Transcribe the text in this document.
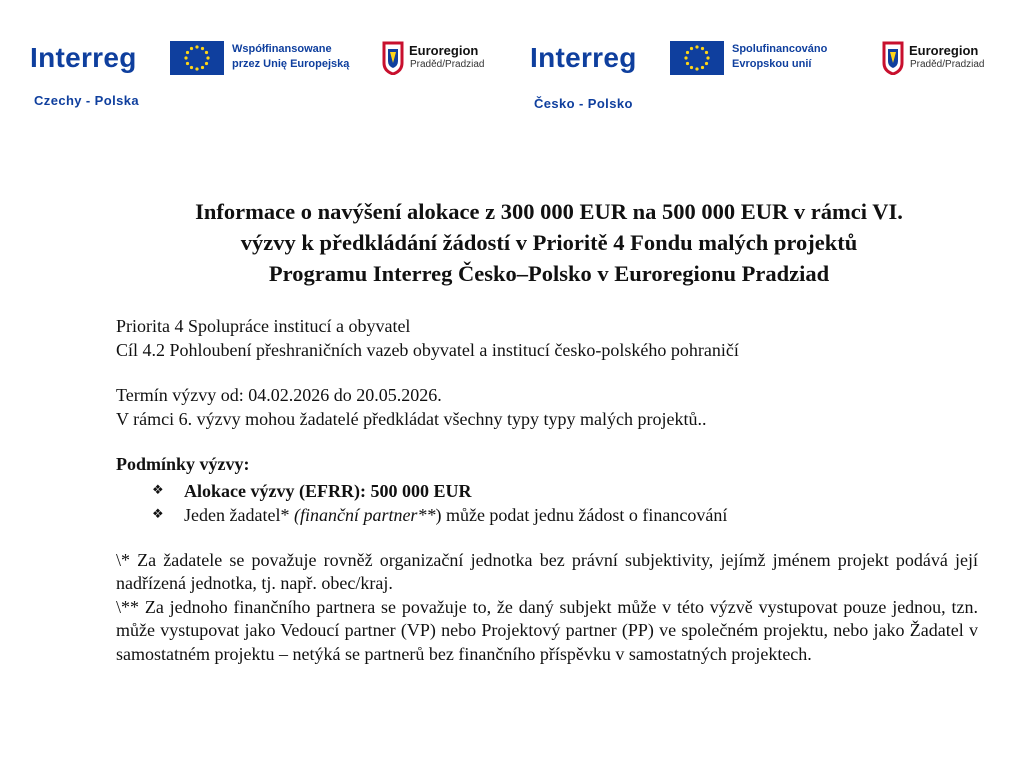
Interreg
Czechy - Polska
Współfinansowane
przez Unię Europejską
Euroregion
Praděd/Pradziad Interreg
Česko - Polsko
Spolufinancováno
Evropskou unií
Euroregion
Praděd/Pradziad
Informace o navýšení alokace z 300 000 EUR na 500 000 EUR v rámci VI.
výzvy k předkládání žádostí v Prioritě 4 Fondu malých projektů
Programu Interreg Česko–Polsko v Euroregionu Pradziad

Priorita 4 Spolupráce institucí a obyvatel

Cíl 4.2 Pohloubení přeshraničních vazeb obyvatel a institucí česko-polského pohraničí

Termín výzvy od: 04.02.2026 do 20.05.2026.

V rámci 6. výzvy mohou žadatelé předkládat všechny typy typy malých projektů..

Podmínky výzvy:

❖ Alokace výzvy (EFRR): 500 000 EUR
❖ Jeden žadatel* (finanční partner**) může podat jednu žádost o financování

\* Za žadatele se považuje rovněž organizační jednotka bez právní subjektivity, jejímž jménem projekt podává její nadřízená jednotka, tj. např. obec/kraj.

\** Za jednoho finančního partnera se považuje to, že daný subjekt může v této výzvě vystupovat pouze jednou, tzn. může vystupovat jako Vedoucí partner (VP) nebo Projektový partner (PP) ve společném projektu, nebo jako Žadatel v samostatném projektu – netýká se partnerů bez finančního příspěvku v samostatných projektech.
